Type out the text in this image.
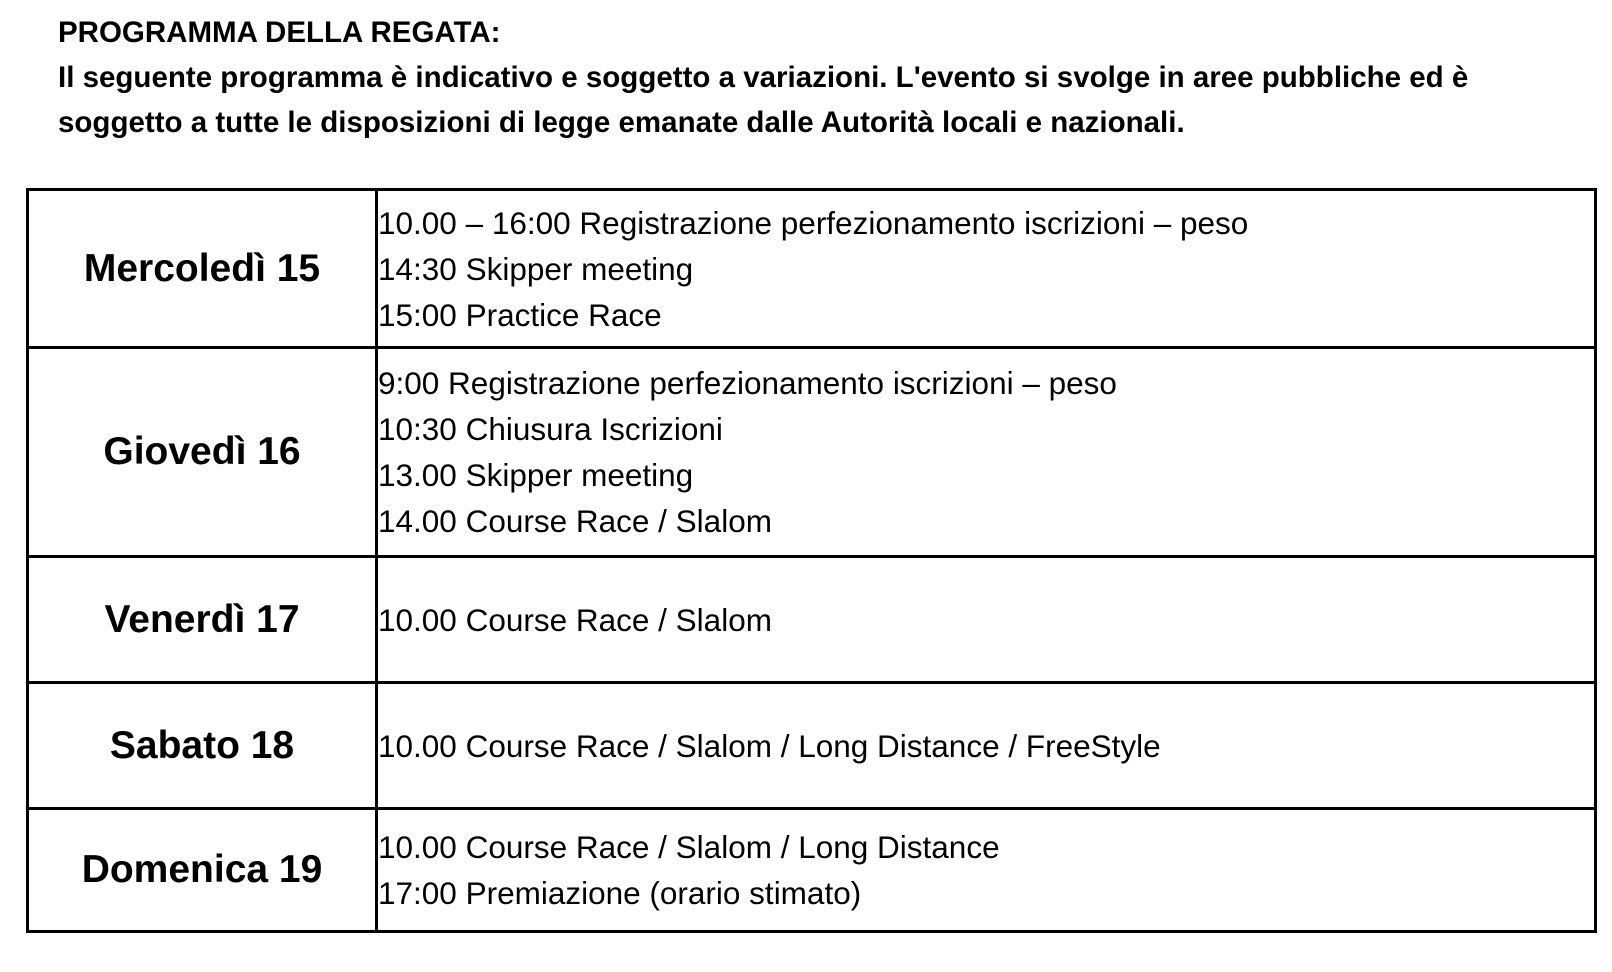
PROGRAMMA DELLA REGATA:
Il seguente programma è indicativo e soggetto a variazioni. L'evento si svolge in aree pubbliche ed è
soggetto a tutte le disposizioni di legge emanate dalle Autorità locali e nazionali.
Mercoledì 15	10.00 – 16:00 Registrazione perfezionamento iscrizioni – peso
14:30 Skipper meeting
15:00 Practice Race

Giovedì 16	9:00 Registrazione perfezionamento iscrizioni – peso
10:30 Chiusura Iscrizioni
13.00 Skipper meeting
14.00 Course Race / Slalom

Venerdì 17	10.00 Course Race / Slalom

Sabato 18	10.00 Course Race / Slalom / Long Distance / FreeStyle

Domenica 19	10.00 Course Race / Slalom / Long Distance
17:00 Premiazione (orario stimato)
